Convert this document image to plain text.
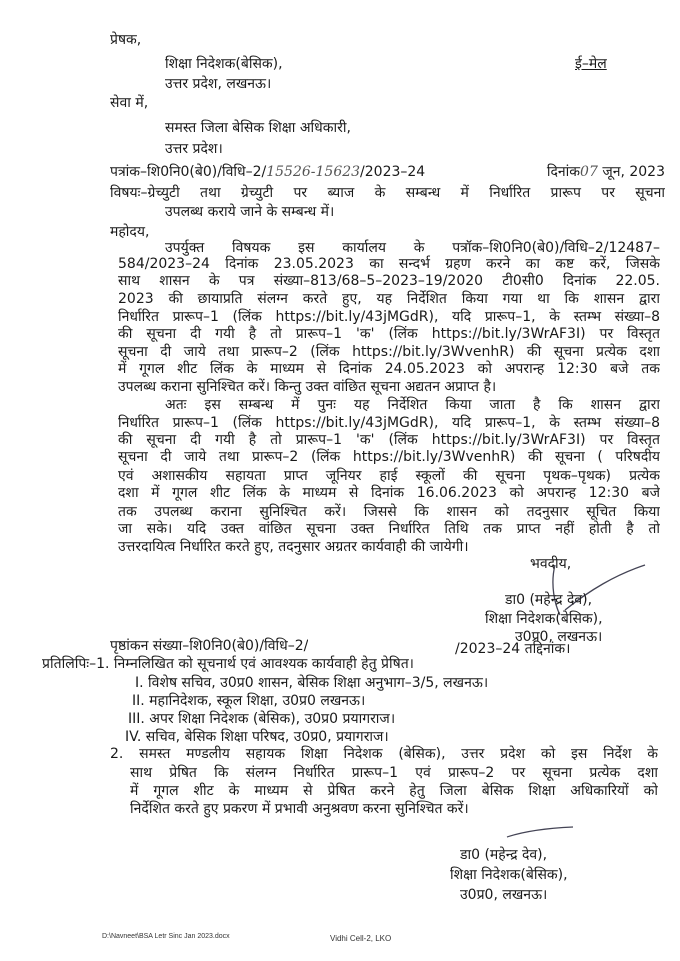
प्रेषक,
शिक्षा निदेशक(बेसिक),	ई–मेल
उत्तर प्रदेश, लखनऊ।
सेवा में,
समस्त जिला बेसिक शिक्षा अधिकारी,
उत्तर प्रदेश।
पत्रांक–शि0नि0(बे0)/विधि–2/15526-15623/2023–24	दिनांक07 जून, 2023
विषयः–ग्रेच्युटी तथा ग्रेच्युटी पर ब्याज के सम्बन्ध में निर्धारित प्रारूप पर सूचना
उपलब्ध कराये जाने के सम्बन्ध में।
महोदय,
उपर्युक्त विषयक इस कार्यालय के पत्रॉक–शि0नि0(बे0)/विधि–2/12487–
584/2023–24 दिनांक 23.05.2023 का सन्दर्भ ग्रहण करने का कष्ट करें, जिसके
साथ शासन के पत्र संख्या–813/68–5–2023–19/2020 टी0सी0 दिनांक 22.05.
2023 की छायाप्रति संलग्न करते हुए, यह निर्देशित किया गया था कि शासन द्वारा
निर्धारित प्रारूप–1 (लिंक https://bit.ly/43jMGdR), यदि प्रारूप–1, के स्तम्भ संख्या–8
की सूचना दी गयी है तो प्रारूप–1 'क' (लिंक https://bit.ly/3WrAF3I) पर विस्तृत
सूचना दी जाये तथा प्रारूप–2 (लिंक https://bit.ly/3WvenhR) की सूचना प्रत्येक दशा
में गूगल शीट लिंक के माध्यम से दिनांक 24.05.2023 को अपरान्ह 12:30 बजे तक
उपलब्ध कराना सुनिश्चित करें। किन्तु उक्त वांछित सूचना अद्यतन अप्राप्त है।
अतः इस सम्बन्ध में पुनः यह निर्देशित किया जाता है कि शासन द्वारा
निर्धारित प्रारूप–1 (लिंक https://bit.ly/43jMGdR), यदि प्रारूप–1, के स्तम्भ संख्या–8
की सूचना दी गयी है तो प्रारूप–1 'क' (लिंक https://bit.ly/3WrAF3I) पर विस्तृत
सूचना दी जाये तथा प्रारूप–2 (लिंक https://bit.ly/3WvenhR) की सूचना ( परिषदीय
एवं अशासकीय सहायता प्राप्त जूनियर हाई स्कूलों की सूचना पृथक–पृथक) प्रत्येक
दशा में गूगल शीट लिंक के माध्यम से दिनांक 16.06.2023 को अपरान्ह 12:30 बजे
तक उपलब्ध कराना सुनिश्चित करें। जिससे कि शासन को तदनुसार सूचित किया
जा सके। यदि उक्त वांछित सूचना उक्त निर्धारित तिथि तक प्राप्त नहीं होती है तो
उत्तरदायित्व निर्धारित करते हुए, तदनुसार अग्रतर कार्यवाही की जायेगी।
भवदीय,
डा0 (महेन्द्र देव),
शिक्षा निदेशक(बेसिक),
उ0प्र0, लखनऊ।
पृष्ठांकन संख्या–शि0नि0(बे0)/विधि–2/	/2023–24 तद्दिनांक।
प्रतिलिपिः–1. निम्नलिखित को सूचनार्थ एवं आवश्यक कार्यवाही हेतु प्रेषित।
I. विशेष सचिव, उ0प्र0 शासन, बेसिक शिक्षा अनुभाग–3/5, लखनऊ।
II. महानिदेशक, स्कूल शिक्षा, उ0प्र0 लखनऊ।
III. अपर शिक्षा निदेशक (बेसिक), उ0प्र0 प्रयागराज।
IV. सचिव, बेसिक शिक्षा परिषद, उ0प्र0, प्रयागराज।
2. समस्त मण्डलीय सहायक शिक्षा निदेशक (बेसिक), उत्तर प्रदेश को इस निर्देश के
साथ प्रेषित कि संलग्न निर्धारित प्रारूप–1 एवं प्रारूप–2 पर सूचना प्रत्येक दशा
में गूगल शीट के माध्यम से प्रेषित करने हेतु जिला बेसिक शिक्षा अधिकारियों को
निर्देशित करते हुए प्रकरण में प्रभावी अनुश्रवण करना सुनिश्चित करें।
डा0 (महेन्द्र देव),
शिक्षा निदेशक(बेसिक),
उ0प्र0, लखनऊ।
D:\Navneet\BSA Letr Sinc Jan 2023.docx	Vidhi Cell-2, LKO
